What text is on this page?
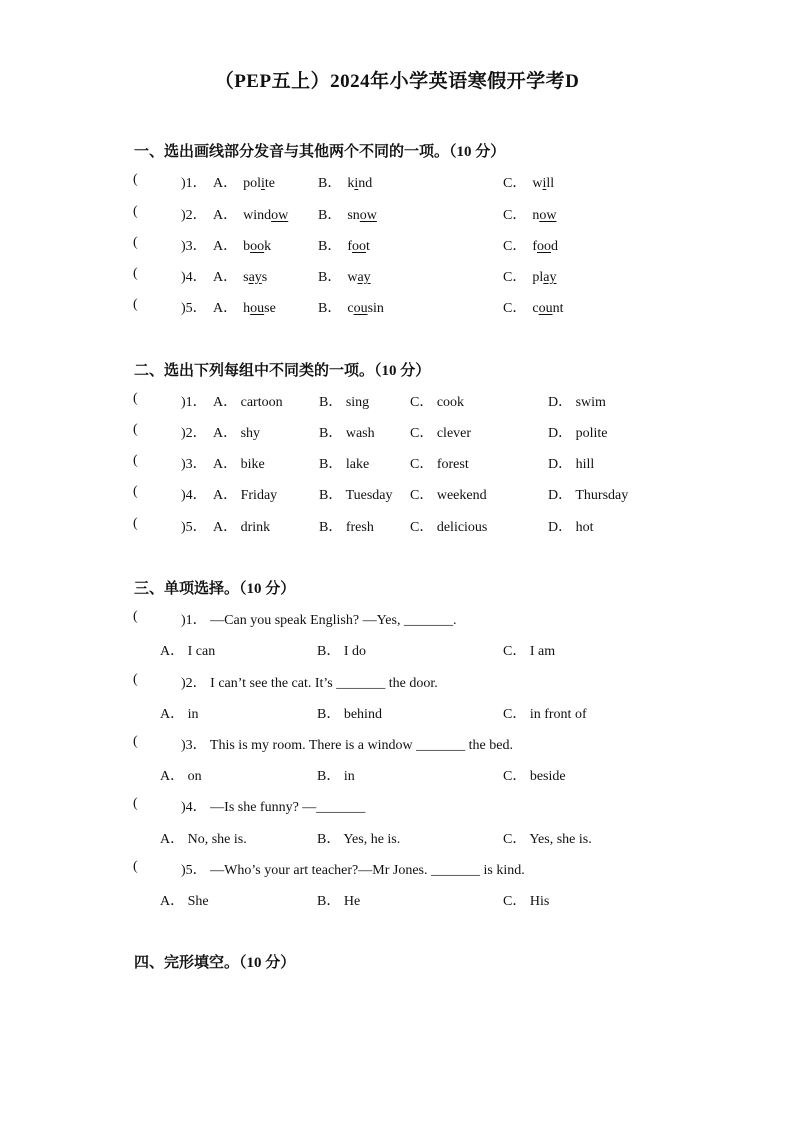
（PEP五上）2024年小学英语寒假开学考D
一、选出画线部分发音与其他两个不同的一项。（10 分）
(	)1． A． polite	B． kind	C． will
(	)2． A． window B． snow	C． now
(	)3． A． book	B． foot	C． food
(	)4． A． says	B． way	C． play
(	)5． A． house	B． cousin	C． count
二、选出下列每组中不同类的一项。（10 分）
(	)1． A． cartoon	B． sing	C． cook	D． swim
(	)2． A． shy	B． wash	C． clever	D． polite
(	)3． A． bike	B． lake	C． forest	D． hill
(	)4． A． Friday	B． Tuesday C． weekend	D． Thursday
(	)5． A． drink	B． fresh	C． delicious	D． hot
三、单项选择。（10 分）
(	)1． —Can you speak English? —Yes, _______.
A． I can	B． I do	C． I am
(	)2． I can’t see the cat. It’s _______ the door.
A． in	B． behind	C． in front of
(	)3． This is my room. There is a window _______ the bed.
A． on	B． in	C． beside
(	)4． —Is she funny? —_______
A． No, she is.	B． Yes, he is.	C． Yes, she is.
(	)5． —Who’s your art teacher?—Mr Jones. _______ is kind.
A． She	B． He	C． His
四、完形填空。（10 分）
